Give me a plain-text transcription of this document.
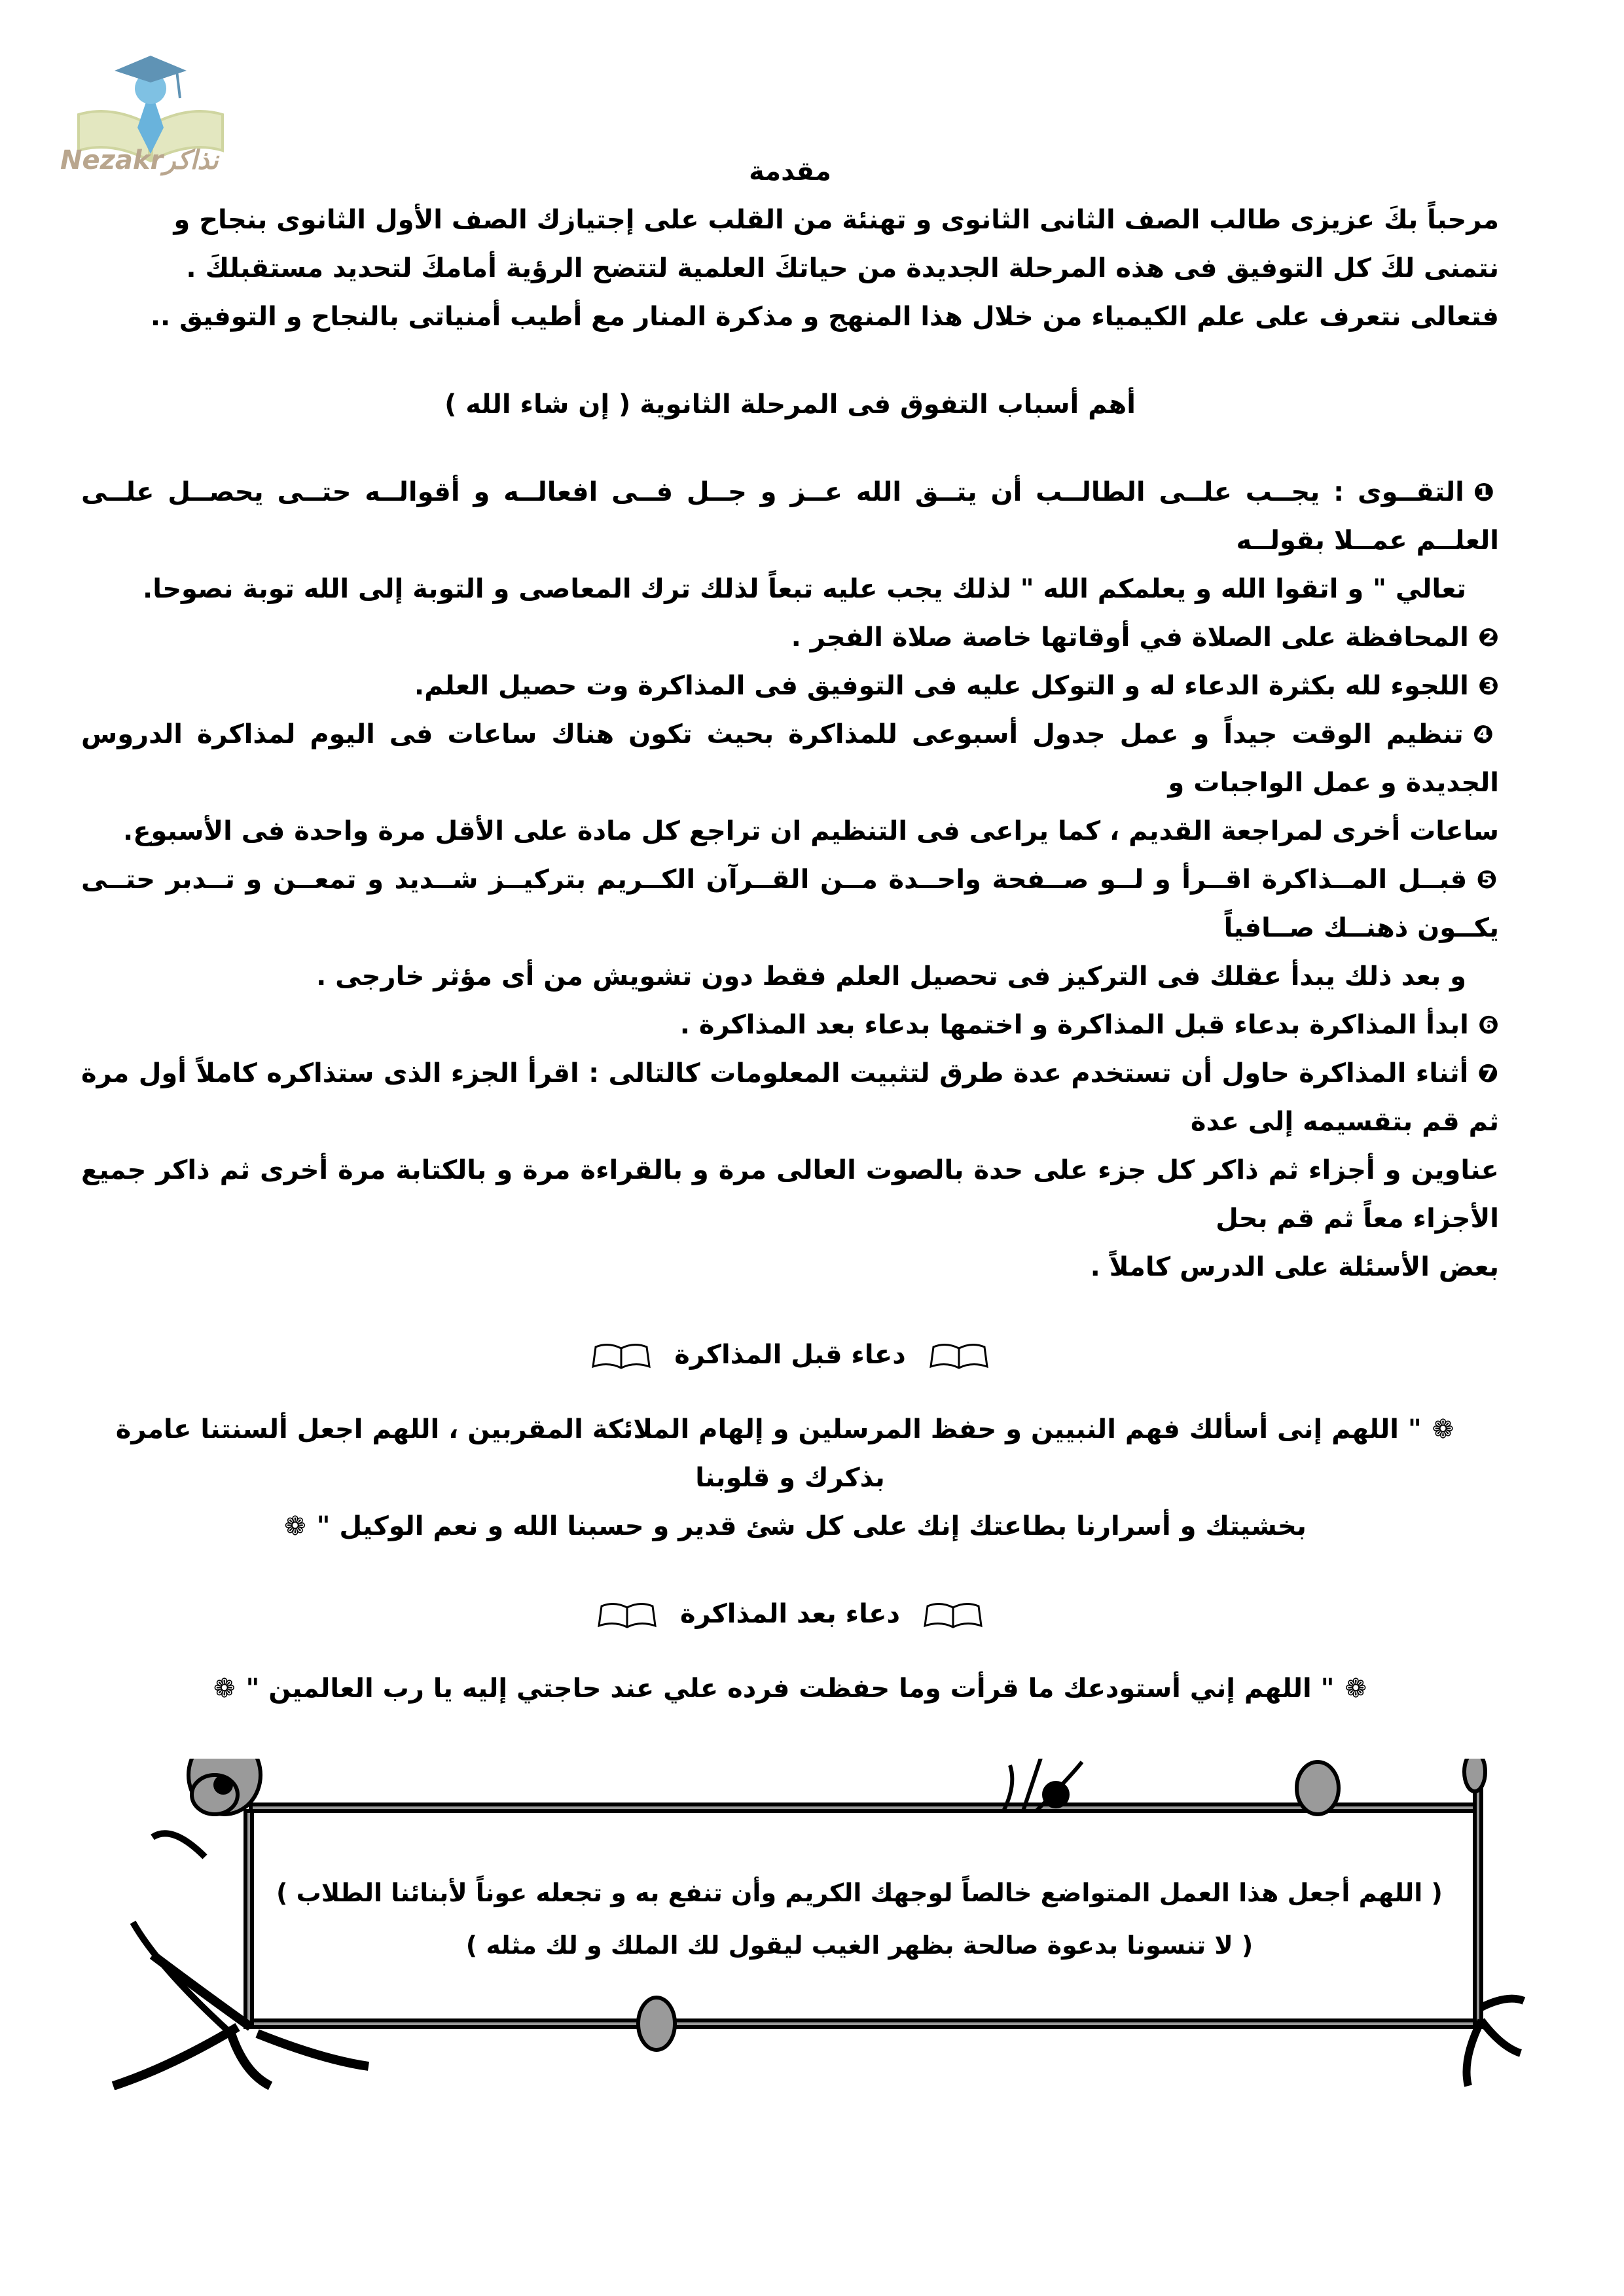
Nezakrنذاكر	مقدمة
مرحباً بكَ عزيزى طالب الصف الثانى الثانوى و تهنئة من القلب على إجتيازك الصف الأول الثانوى بنجاح و
نتمنى لكَ كل التوفيق فى هذه المرحلة الجديدة من حياتكَ العلمية لتتضح الرؤية أمامكَ لتحديد مستقبلكَ .
فتعالى نتعرف على علم الكيمياء من خلال هذا المنهج و مذكرة المنار مع أطيب أمنياتى بالنجاح و التوفيق ..
أهم أسباب التفوق فى المرحلة الثانوية ( إن شاء الله )
❶التقــوى : يجــب علــى الطالــب أن يتــق الله عــز و جــل فــى افعالــه و أقوالــه حتــى يحصــل علــى العلــم عمــلا بقولــه
تعالي " و اتقوا الله و يعلمكم الله " لذلك يجب عليه تبعاً لذلك ترك المعاصى و التوبة إلى الله توبة نصوحا.
❷المحافظة على الصلاة في أوقاتها خاصة صلاة الفجر .
❸اللجوء لله بكثرة الدعاء له و التوكل عليه فى التوفيق فى المذاكرة وت حصيل العلم.
❹تنظيم الوقت جيداً و عمل جدول أسبوعى للمذاكرة بحيث تكون هناك ساعات فى اليوم لمذاكرة الدروس الجديدة و عمل الواجبات و
ساعات أخرى لمراجعة القديم ، كما يراعى فى التنظيم ان تراجع كل مادة على الأقل مرة واحدة فى الأسبوع.
❺قبــل المــذاكرة اقــرأ و لــو صــفحة واحــدة مــن القــرآن الكــريم بتركيــز شــديد و تمعــن و تــدبر حتــى يكــون ذهنــك صــافياً
و بعد ذلك يبدأ عقلك فى التركيز فى تحصيل العلم فقط دون تشويش من أى مؤثر خارجى .
❻ابدأ المذاكرة بدعاء قبل المذاكرة و اختمها بدعاء بعد المذاكرة .
❼أثناء المذاكرة حاول أن تستخدم عدة طرق لتثبيت المعلومات كالتالى : اقرأ الجزء الذى ستذاكره كاملاً أول مرة ثم قم بتقسيمه إلى عدة
عناوين و أجزاء ثم ذاكر كل جزء على حدة بالصوت العالى مرة و بالقراءة مرة و بالكتابة مرة أخرى ثم ذاكر جميع الأجزاء معاً ثم قم بحل
بعض الأسئلة على الدرس كاملاً .
دعاء قبل المذاكرة
❁" اللهم إنى أسألك فهم النبيين و حفظ المرسلين و إلهام الملائكة المقربين ، اللهم اجعل ألسنتنا عامرة بذكرك و قلوبنا
بخشيتك و أسرارنا بطاعتك إنك على كل شئ قدير و حسبنا الله و نعم الوكيل "❁
دعاء بعد المذاكرة
❁" اللهم إني أستودعك ما قرأت وما حفظت فرده علي عند حاجتي إليه يا رب العالمين "❁
( اللهم أجعل هذا العمل المتواضع خالصاً لوجهك الكريم وأن تنفع به و تجعله عوناً لأبنائنا الطلاب )
( لا تنسونا بدعوة صالحة بظهر الغيب ليقول لك الملك و لك مثله )
